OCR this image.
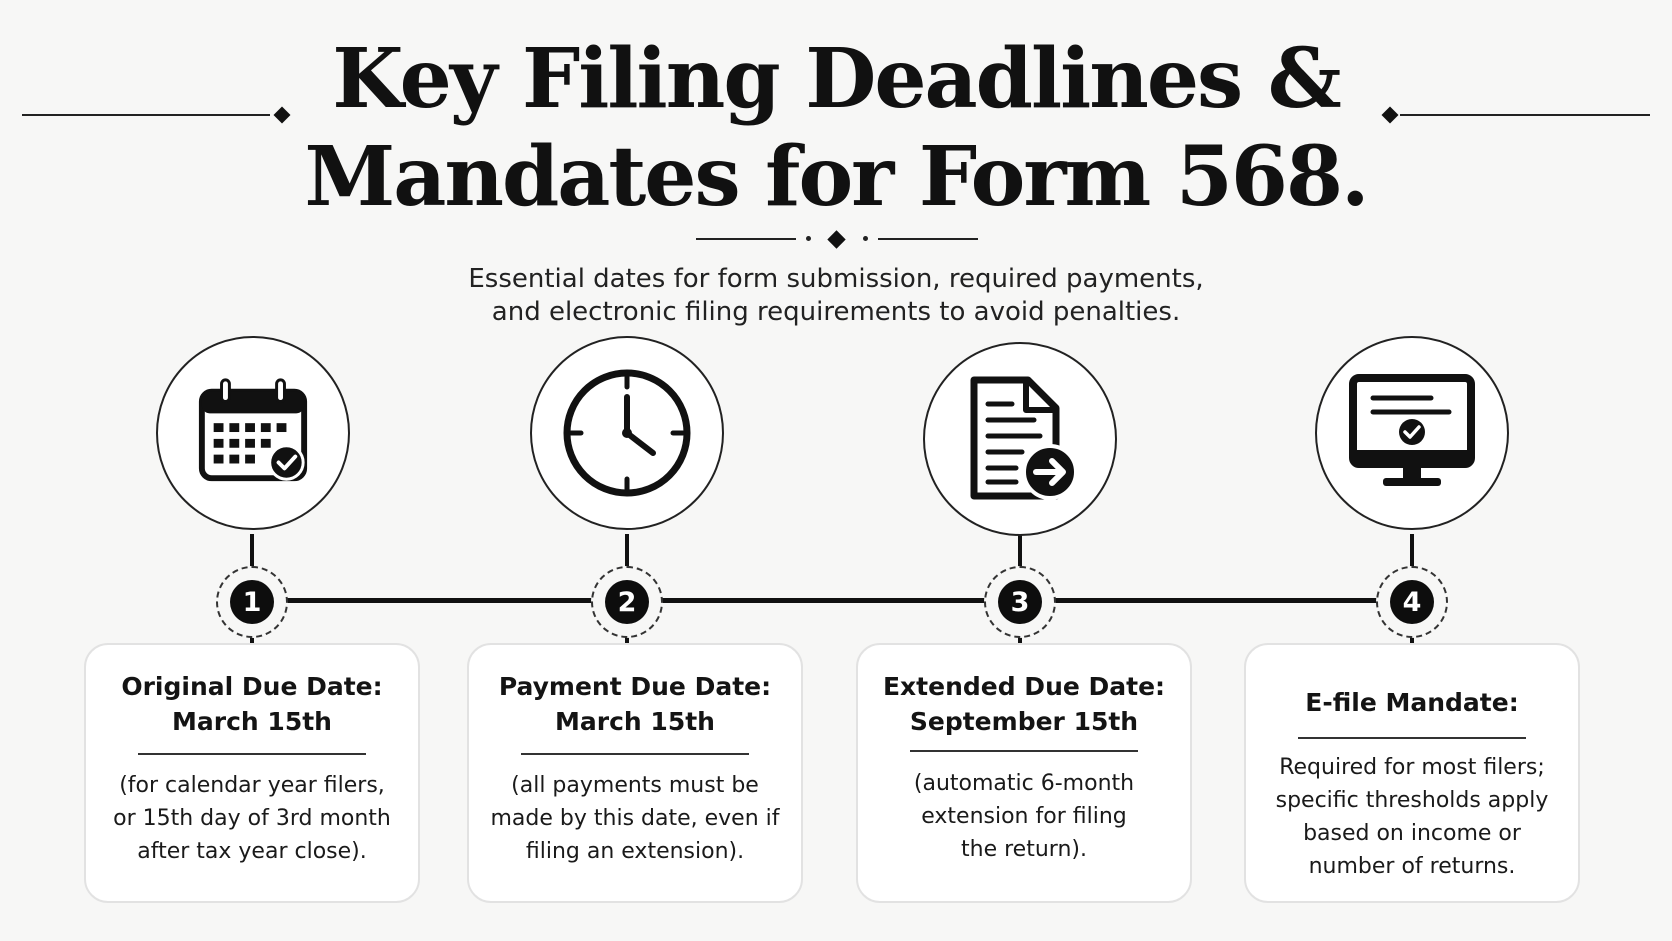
Key Filing Deadlines &
Mandates for Form 568.

Essential dates for form submission, required payments,
and electronic filing requirements to avoid penalties.

1
Original Due Date:
March 15th
(for calendar year filers,
or 15th day of 3rd month
after tax year close).
2
Payment Due Date:
March 15th
(all payments must be
made by this date, even if
filing an extension).
3
Extended Due Date:
September 15th
(automatic 6-month
extension for filing
the return).
4
E-file Mandate:
Required for most filers;
specific thresholds apply
based on income or
number of returns.
